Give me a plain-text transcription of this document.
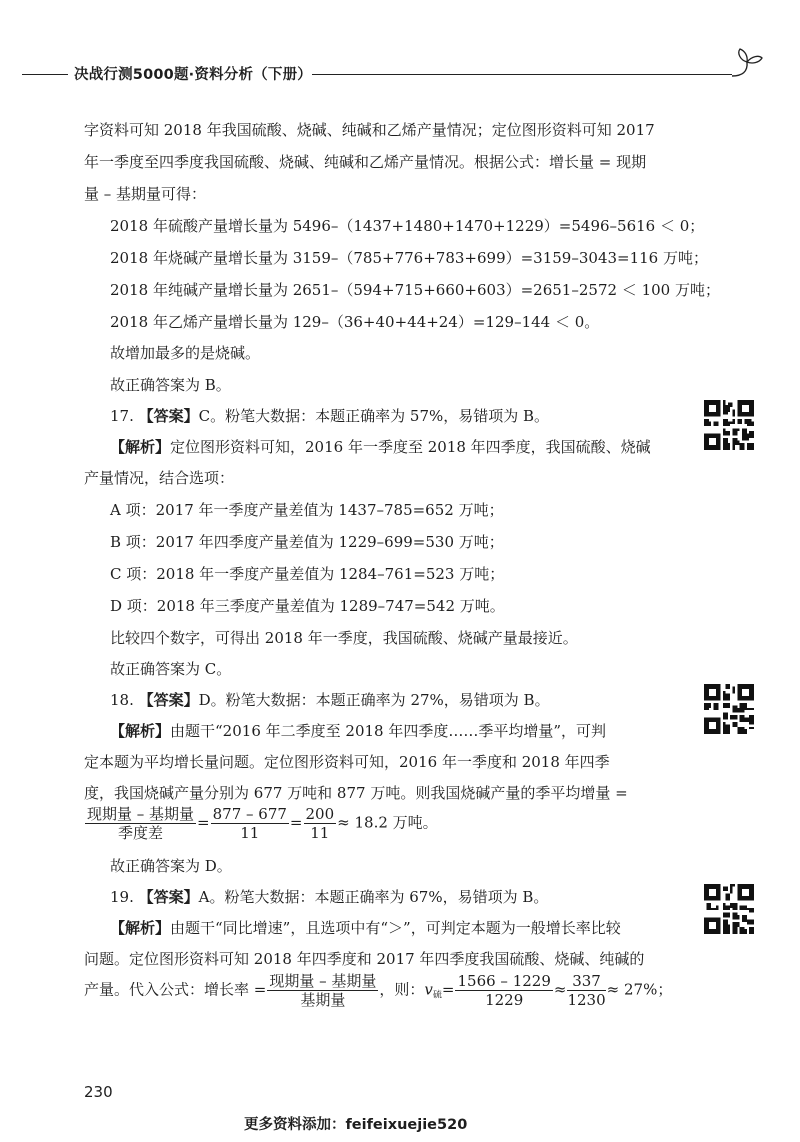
决战行测5000题·资料分析（下册）
字资料可知 2018 年我国硫酸、烧碱、纯碱和乙烯产量情况；定位图形资料可知 2017
年一季度至四季度我国硫酸、烧碱、纯碱和乙烯产量情况。根据公式：增长量 = 现期
量 – 基期量可得：
2018 年硫酸产量增长量为 5496–（1437+1480+1470+1229）=5496–5616 ＜ 0；
2018 年烧碱产量增长量为 3159–（785+776+783+699）=3159–3043=116 万吨；
2018 年纯碱产量增长量为 2651–（594+715+660+603）=2651–2572 ＜ 100 万吨；
2018 年乙烯产量增长量为 129–（36+40+44+24）=129–144 ＜ 0。
故增加最多的是烧碱。
故正确答案为 B。
17. 【答案】C。粉笔大数据：本题正确率为 57%，易错项为 B。
【解析】定位图形资料可知，2016 年一季度至 2018 年四季度，我国硫酸、烧碱
产量情况，结合选项：
A 项：2017 年一季度产量差值为 1437–785=652 万吨；
B 项：2017 年四季度产量差值为 1229–699=530 万吨；
C 项：2018 年一季度产量差值为 1284–761=523 万吨；
D 项：2018 年三季度产量差值为 1289–747=542 万吨。
比较四个数字，可得出 2018 年一季度，我国硫酸、烧碱产量最接近。
故正确答案为 C。
18. 【答案】D。粉笔大数据：本题正确率为 27%，易错项为 B。
【解析】由题干“2016 年二季度至 2018 年四季度……季平均增量”，可判
定本题为平均增长量问题。定位图形资料可知，2016 年一季度和 2018 年四季
度，我国烧碱产量分别为 677 万吨和 877 万吨。则我国烧碱产量的季平均增量 =
$\frac{\text{现期量 – 基期量}}{\text{季度差}} = \frac{877 - 677}{11} = \frac{200}{11} \approx 18.2$ 万吨。
故正确答案为 D。
19. 【答案】A。粉笔大数据：本题正确率为 67%，易错项为 B。
【解析】由题干“同比增速”，且选项中有“＞”，可判定本题为一般增长率比较
问题。定位图形资料可知 2018 年四季度和 2017 年四季度我国硫酸、烧碱、纯碱的
产量。代入公式：增长率 = $\frac{\text{现期量 – 基期量}}{\text{基期量}}$ ，则：$v_硫= \frac{1566 - 1229}{1229} \approx \frac{337}{1230} \approx 27\%$；
230
更多资料添加：feifeixuejie520
